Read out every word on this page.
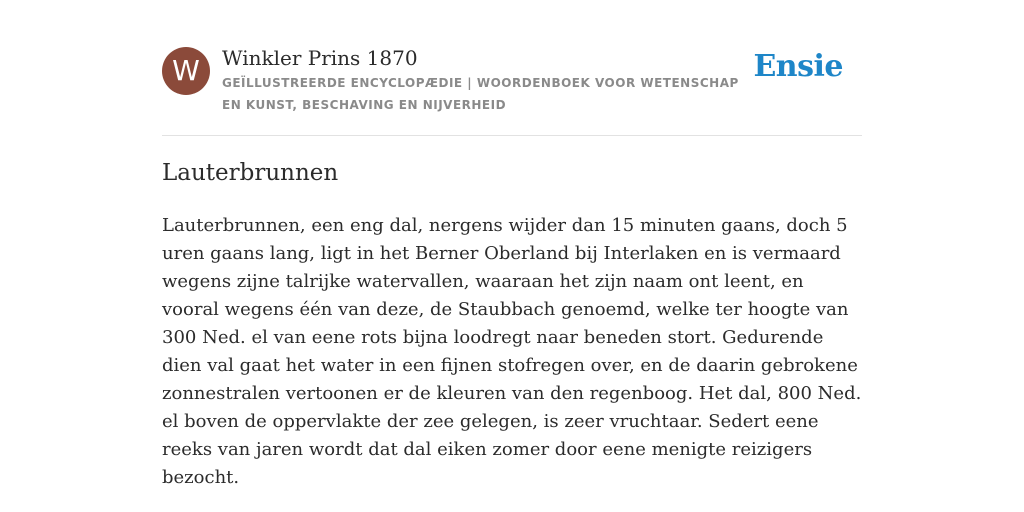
W	Winkler Prins 1870
GEÏLLUSTREERDE ENCYCLOPÆDIE | WOORDENBOEK VOOR WETENSCHAP EN KUNST, BESCHAVING EN NIJVERHEID
Ensie
Lauterbrunnen

Lauterbrunnen, een eng dal, nergens wijder dan 15 minuten gaans, doch 5 uren gaans lang, ligt in het Berner Oberland bij Interlaken en is vermaard wegens zijne talrijke watervallen, waaraan het zijn naam ont leent, en vooral wegens één van deze, de Staubbach genoemd, welke ter hoogte van 300 Ned. el van eene rots bijna loodregt naar beneden stort. Gedurende dien val gaat het water in een fijnen stofregen over, en de daarin gebrokene zonnestralen vertoonen er de kleuren van den regenboog. Het dal, 800 Ned. el boven de oppervlakte der zee gelegen, is zeer vruchtaar. Sedert eene reeks van jaren wordt dat dal eiken zomer door eene menigte reizigers bezocht.
